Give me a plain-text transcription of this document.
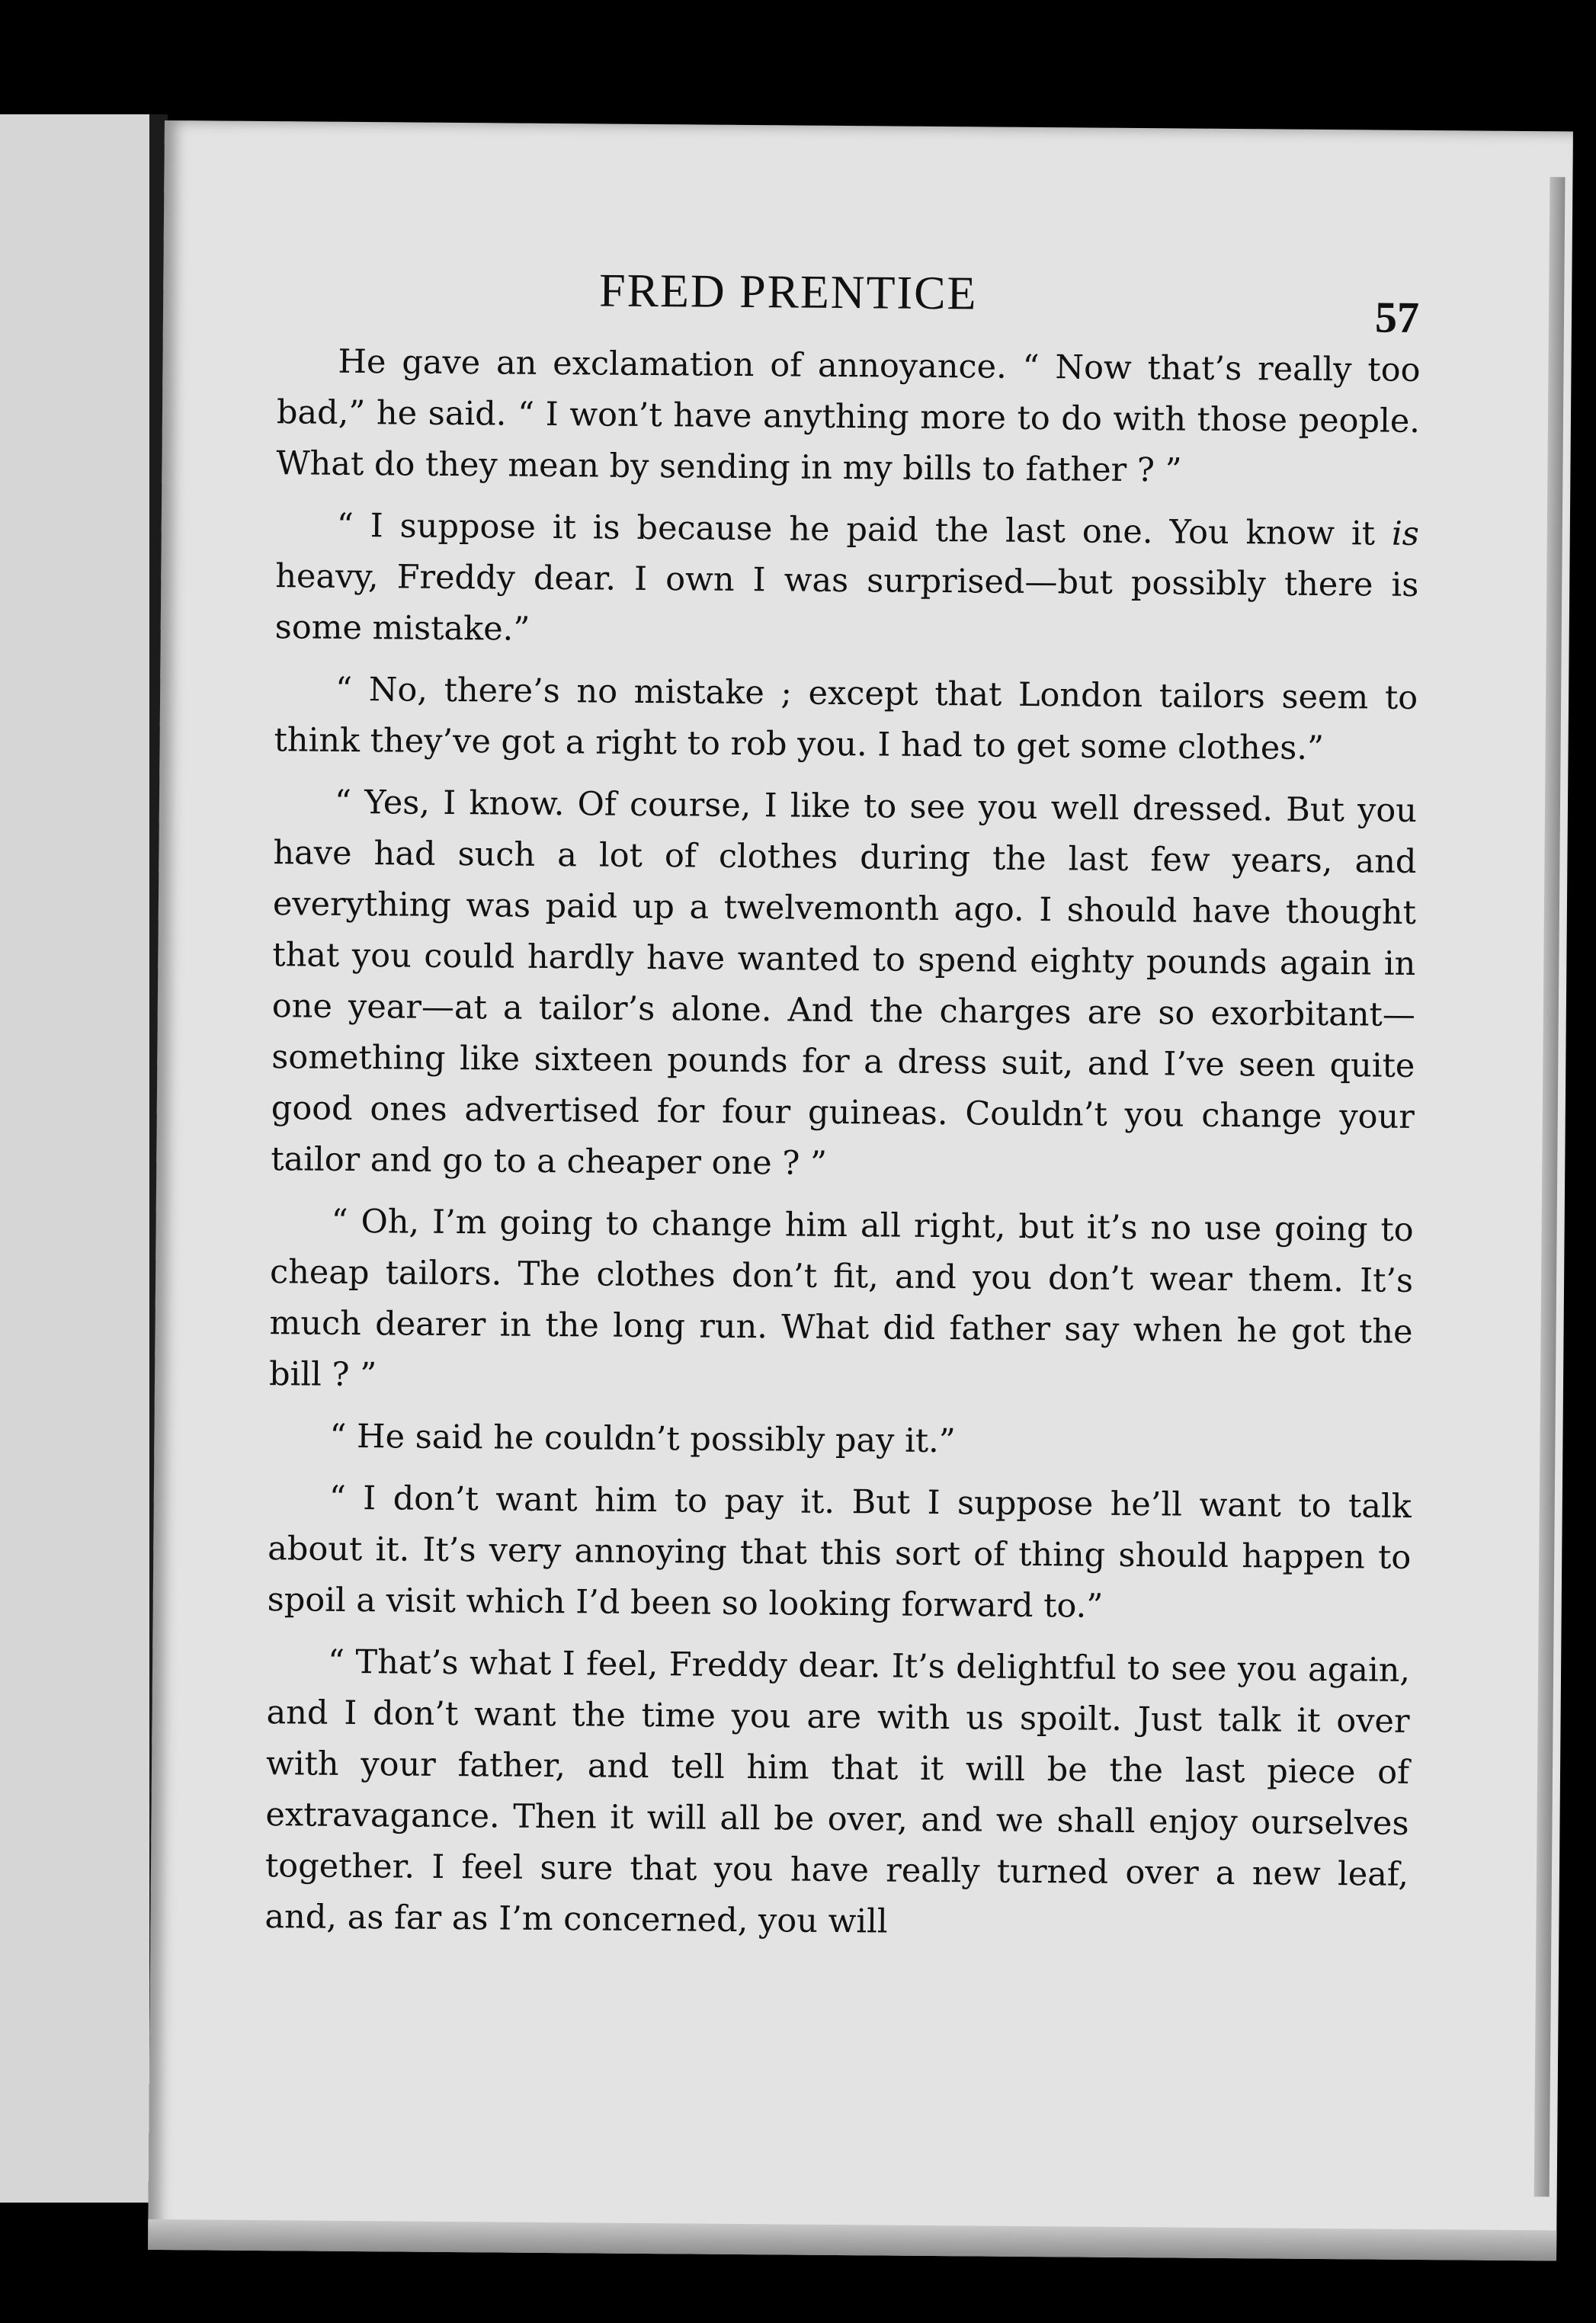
FRED PRENTICE	57

He gave an exclamation of annoyance. “ Now that’s really too bad,” he said. “ I won’t have anything more to do with those people. What do they mean by sending in my bills to father ? ”

“ I suppose it is because he paid the last one. You know it is heavy, Freddy dear. I own I was surprised—but possibly there is some mistake.”

“ No, there’s no mistake ; except that London tailors seem to think they’ve got a right to rob you. I had to get some clothes.”

“ Yes, I know. Of course, I like to see you well dressed. But you have had such a lot of clothes during the last few years, and everything was paid up a twelvemonth ago. I should have thought that you could hardly have wanted to spend eighty pounds again in one year—at a tailor’s alone. And the charges are so exorbitant—something like sixteen pounds for a dress suit, and I’ve seen quite good ones advertised for four guineas. Couldn’t you change your tailor and go to a cheaper one ? ”

“ Oh, I’m going to change him all right, but it’s no use going to cheap tailors. The clothes don’t fit, and you don’t wear them. It’s much dearer in the long run. What did father say when he got the bill ? ”

“ He said he couldn’t possibly pay it.”

“ I don’t want him to pay it. But I suppose he’ll want to talk about it. It’s very annoying that this sort of thing should happen to spoil a visit which I’d been so looking forward to.”

“ That’s what I feel, Freddy dear. It’s delightful to see you again, and I don’t want the time you are with us spoilt. Just talk it over with your father, and tell him that it will be the last piece of extravagance. Then it will all be over, and we shall enjoy ourselves together. I feel sure that you have really turned over a new leaf, and, as far as I’m concerned, you will
